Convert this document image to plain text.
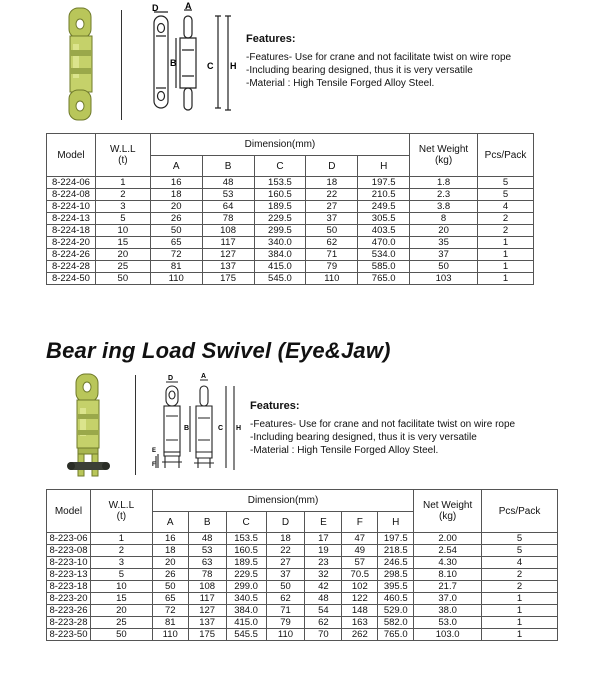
D	A
B	C H
Features:
-Features- Use for crane and not facilitate twist on wire rope
-Including bearing designed, thus it is very versatile
-Material : High Tensile Forged Alloy Steel.
Model	W.L.L
(t)	Dimension(mm)					Net Weight
(kg)	Pcs/Pack
		A	B	C	D	H		
8-224-06	1	16	48	153.5	18	197.5	1.8	5
8-224-08	2	18	53	160.5	22	210.5	2.3	5
8-224-10	3	20	64	189.5	27	249.5	3.8	4
8-224-13	5	26	78	229.5	37	305.5	8	2
8-224-18	10	50	108	299.5	50	403.5	20	2
8-224-20	15	65	117	340.0	62	470.0	35	1
8-224-26	20	72	127	384.0	71	534.0	37	1
8-224-28	25	81	137	415.0	79	585.0	50	1
8-224-50	50	110	175	545.0	110	765.0	103	1
Bear ing Load Swivel (Eye&Jaw)
D	A
B	C H
E
F
Features:
-Features- Use for crane and not facilitate twist on wire rope
-Including bearing designed, thus it is very versatile
-Material : High Tensile Forged Alloy Steel.
Model	W.L.L
(t)	Dimension(mm)							Net Weight
(kg)	Pcs/Pack
		A	B	C	D	E	F	H		
8-223-06	1	16	48	153.5	18	17	47	197.5	2.00	5
8-223-08	2	18	53	160.5	22	19	49	218.5	2.54	5
8-223-10	3	20	63	189.5	27	23	57	246.5	4.30	4
8-223-13	5	26	78	229.5	37	32	70.5	298.5	8.10	2
8-223-18	10	50	108	299.0	50	42	102	395.5	21.7	2
8-223-20	15	65	117	340.5	62	48	122	460.5	37.0	1
8-223-26	20	72	127	384.0	71	54	148	529.0	38.0	1
8-223-28	25	81	137	415.0	79	62	163	582.0	53.0	1
8-223-50	50	110	175	545.5	110	70	262	765.0	103.0	1
